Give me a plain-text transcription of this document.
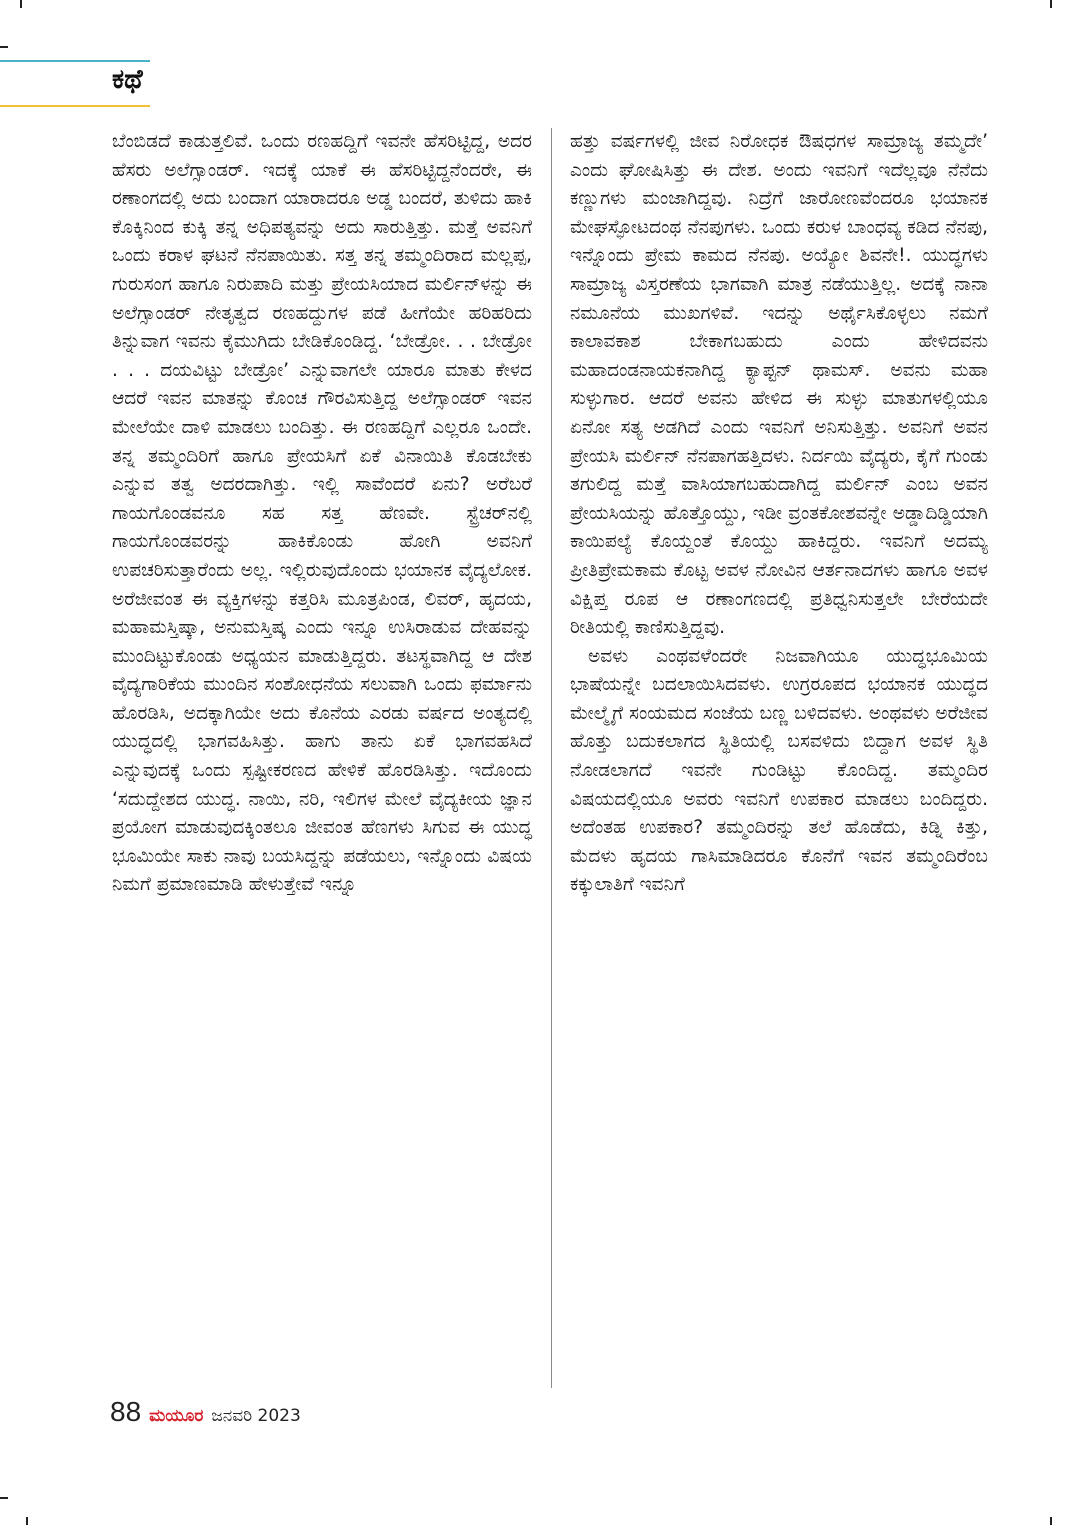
ಕಥೆ

ಬೆಂಬಿಡದೆ ಕಾಡುತ್ತಲಿವೆ. ಒಂದು ರಣಹದ್ದಿಗೆ ಇವನೇ ಹೆಸರಿಟ್ಟಿದ್ದ, ಅದರ ಹೆಸರು ಅಲೆಗ್ಸಾಂಡರ್. ಇದಕ್ಕೆ ಯಾಕೆ ಈ ಹೆಸರಿಟ್ಟಿದ್ದನೆಂದರೇ, ಈ ರಣಾಂಗದಲ್ಲಿ ಅದು ಬಂದಾಗ ಯಾರಾದರೂ ಅಡ್ಡ ಬಂದರೆ, ತುಳಿದು ಹಾಕಿ ಕೊಕ್ಕಿನಿಂದ ಕುಕ್ಕಿ ತನ್ನ ಅಧಿಪತ್ಯವನ್ನು ಅದು ಸಾರುತ್ತಿತ್ತು. ಮತ್ತೆ ಅವನಿಗೆ ಒಂದು ಕರಾಳ ಘಟನೆ ನೆನಪಾಯಿತು. ಸತ್ತ ತನ್ನ ತಮ್ಮಂದಿರಾದ ಮಲ್ಲಪ್ಪ, ಗುರುಸಂಗ ಹಾಗೂ ನಿರುಪಾದಿ ಮತ್ತು ಪ್ರೇಯಸಿಯಾದ ಮರ್ಲಿನ್‌ಳನ್ನು ಈ ಅಲೆಗ್ಸಾಂಡರ್ ನೇತೃತ್ವದ ರಣಹದ್ದುಗಳ ಪಡೆ ಹೀಗೆಯೇ ಹರಿಹರಿದು ತಿನ್ನುವಾಗ ಇವನು ಕೈಮುಗಿದು ಬೇಡಿಕೊಂಡಿದ್ದ. ‘ಬೇಡ್ರೋ. . . ಬೇಡ್ರೋ . . . ದಯವಿಟ್ಟು ಬೇಡ್ರೋ’ ಎನ್ನುವಾಗಲೇ ಯಾರೂ ಮಾತು ಕೇಳದ ಆದರೆ ಇವನ ಮಾತನ್ನು ಕೊಂಚ ಗೌರವಿಸುತ್ತಿದ್ದ ಅಲೆಗ್ಸಾಂಡರ್ ಇವನ ಮೇಲೆಯೇ ದಾಳಿ ಮಾಡಲು ಬಂದಿತ್ತು. ಈ ರಣಹದ್ದಿಗೆ ಎಲ್ಲರೂ ಒಂದೇ. ತನ್ನ ತಮ್ಮಂದಿರಿಗೆ ಹಾಗೂ ಪ್ರೇಯಸಿಗೆ ಏಕೆ ವಿನಾಯಿತಿ ಕೊಡಬೇಕು ಎನ್ನುವ ತತ್ವ ಅದರದಾಗಿತ್ತು. ಇಲ್ಲಿ ಸಾವೆಂದರೆ ಏನು? ಅರೆಬರೆ ಗಾಯಗೊಂಡವನೂ ಸಹ ಸತ್ತ ಹೆಣವೇ. ಸ್ಟ್ರೆಚರ್‌ನಲ್ಲಿ ಗಾಯಗೊಂಡವರನ್ನು ಹಾಕಿಕೊಂಡು ಹೋಗಿ ಅವನಿಗೆ ಉಪಚರಿಸುತ್ತಾರೆಂದು ಅಲ್ಲ. ಇಲ್ಲಿರುವುದೊಂದು ಭಯಾನಕ ವೈದ್ಯಲೋಕ. ಅರೆಜೀವಂತ ಈ ವ್ಯಕ್ತಿಗಳನ್ನು ಕತ್ತರಿಸಿ ಮೂತ್ರಪಿಂಡ, ಲಿವರ್, ಹೃದಯ, ಮಹಾಮಸ್ತಿಷ್ಕಾ, ಅನುಮಸ್ತಿಷ್ಕ ಎಂದು ಇನ್ನೂ ಉಸಿರಾಡುವ ದೇಹವನ್ನು ಮುಂದಿಟ್ಟುಕೊಂಡು ಅಧ್ಯಯನ ಮಾಡುತ್ತಿದ್ದರು. ತಟಸ್ಥವಾಗಿದ್ದ ಆ ದೇಶ ವೈದ್ಯಗಾರಿಕೆಯ ಮುಂದಿನ ಸಂಶೋಧನೆಯ ಸಲುವಾಗಿ ಒಂದು ಫರ್ಮಾನು ಹೊರಡಿಸಿ, ಅದಕ್ಕಾಗಿಯೇ ಅದು ಕೊನೆಯ ಎರಡು ವರ್ಷದ ಅಂತ್ಯದಲ್ಲಿ ಯುದ್ಧದಲ್ಲಿ ಭಾಗವಹಿಸಿತ್ತು. ಹಾಗು ತಾನು ಏಕೆ ಭಾಗವಹಸಿದೆ ಎನ್ನುವುದಕ್ಕೆ ಒಂದು ಸ್ಪಷ್ಟೀಕರಣದ ಹೇಳಿಕೆ ಹೊರಡಿಸಿತ್ತು. ಇದೊಂದು ‘ಸದುದ್ದೇಶದ ಯುದ್ಧ. ನಾಯಿ, ನರಿ, ಇಲಿಗಳ ಮೇಲೆ ವೈದ್ಯಕೀಯ ಜ್ಞಾನ ಪ್ರಯೋಗ ಮಾಡುವುದಕ್ಕಿಂತಲೂ ಜೀವಂತ ಹೆಣಗಳು ಸಿಗುವ ಈ ಯುದ್ಧ ಭೂಮಿಯೇ ಸಾಕು ನಾವು ಬಯಸಿದ್ದನ್ನು ಪಡೆಯಲು, ಇನ್ನೊಂದು ವಿಷಯ ನಿಮಗೆ ಪ್ರಮಾಣಮಾಡಿ ಹೇಳುತ್ತೇವೆ ಇನ್ನೂ

ಹತ್ತು ವರ್ಷಗಳಲ್ಲಿ ಜೀವ ನಿರೋಧಕ ಔಷಧಗಳ ಸಾಮ್ರಾಜ್ಯ ತಮ್ಮದೇ’ ಎಂದು ಘೋಷಿಸಿತ್ತು ಈ ದೇಶ. ಅಂದು ಇವನಿಗೆ ಇದೆಲ್ಲವೂ ನೆನೆದು ಕಣ್ಣುಗಳು ಮಂಜಾಗಿದ್ದವು. ನಿದ್ರೆಗೆ ಜಾರೋಣವೆಂದರೂ ಭಯಾನಕ ಮೇಘಸ್ಫೋಟದಂಥ ನೆನಪುಗಳು. ಒಂದು ಕರುಳ ಬಾಂಧವ್ಯ ಕಡಿದ ನೆನಪು, ಇನ್ನೊಂದು ಪ್ರೇಮ ಕಾಮದ ನೆನಪು. ಅಯ್ಯೋ ಶಿವನೇ!. ಯುದ್ಧಗಳು ಸಾಮ್ರಾಜ್ಯ ವಿಸ್ತರಣೆಯ ಭಾಗವಾಗಿ ಮಾತ್ರ ನಡೆಯುತ್ತಿಲ್ಲ. ಅದಕ್ಕೆ ನಾನಾ ನಮೂನೆಯ ಮುಖಗಳಿವೆ. ಇದನ್ನು ಅರ್ಥೈಸಿಕೊಳ್ಳಲು ನಮಗೆ ಕಾಲಾವಕಾಶ ಬೇಕಾಗಬಹುದು ಎಂದು ಹೇಳಿದವನು ಮಹಾದಂಡನಾಯಕನಾಗಿದ್ದ ಕ್ಯಾಪ್ಟನ್ ಥಾಮಸ್. ಅವನು ಮಹಾ ಸುಳ್ಳುಗಾರ. ಆದರೆ ಅವನು ಹೇಳಿದ ಈ ಸುಳ್ಳು ಮಾತುಗಳಲ್ಲಿಯೂ ಏನೋ ಸತ್ಯ ಅಡಗಿದೆ ಎಂದು ಇವನಿಗೆ ಅನಿಸುತ್ತಿತ್ತು. ಅವನಿಗೆ ಅವನ ಪ್ರೇಯಸಿ ಮರ್ಲಿನ್ ನೆನಪಾಗಹತ್ತಿದಳು. ನಿರ್ದಯಿ ವೈದ್ಯರು, ಕೈಗೆ ಗುಂಡು ತಗುಲಿದ್ದ ಮತ್ತೆ ವಾಸಿಯಾಗಬಹುದಾಗಿದ್ದ ಮರ್ಲಿನ್ ಎಂಬ ಅವನ ಪ್ರೇಯಸಿಯನ್ನು ಹೊತ್ತೊಯ್ದು, ಇಡೀ ವ್ರಂತಕೋಶವನ್ನೇ ಅಡ್ಡಾದಿಡ್ಡಿಯಾಗಿ ಕಾಯಿಪಲ್ಯೆ ಕೊಯ್ದಂತೆ ಕೊಯ್ದು ಹಾಕಿದ್ದರು. ಇವನಿಗೆ ಅದಮ್ಯ ಪ್ರೀತಿಪ್ರೇಮಕಾಮ ಕೊಟ್ಟ ಅವಳ ನೋವಿನ ಆರ್ತನಾದಗಳು ಹಾಗೂ ಅವಳ ವಿಕ್ಷಿಪ್ತ ರೂಪ ಆ ರಣಾಂಗಣದಲ್ಲಿ ಪ್ರತಿಧ್ವನಿಸುತ್ತಲೇ ಬೇರೆಯದೇ ರೀತಿಯಲ್ಲಿ ಕಾಣಿಸುತ್ತಿದ್ದವು.

ಅವಳು ಎಂಥವಳೆಂದರೇ ನಿಜವಾಗಿಯೂ ಯುದ್ಧಭೂಮಿಯ ಭಾಷೆಯನ್ನೇ ಬದಲಾಯಿಸಿದವಳು. ಉಗ್ರರೂಪದ ಭಯಾನಕ ಯುದ್ಧದ ಮೇಲ್ಮೈಗೆ ಸಂಯಮದ ಸಂಜೆಯ ಬಣ್ಣ ಬಳಿದವಳು. ಅಂಥವಳು ಅರೆಜೀವ ಹೊತ್ತು ಬದುಕಲಾಗದ ಸ್ಥಿತಿಯಲ್ಲಿ ಬಸವಳಿದು ಬಿದ್ದಾಗ ಅವಳ ಸ್ಥಿತಿ ನೋಡಲಾಗದೆ ಇವನೇ ಗುಂಡಿಟ್ಟು ಕೊಂದಿದ್ದ. ತಮ್ಮಂದಿರ ವಿಷಯದಲ್ಲಿಯೂ ಅವರು ಇವನಿಗೆ ಉಪಕಾರ ಮಾಡಲು ಬಂದಿದ್ದರು. ಅದೆಂತಹ ಉಪಕಾರ? ತಮ್ಮಂದಿರನ್ನು ತಲೆ ಹೊಡೆದು, ಕಿಡ್ನಿ ಕಿತ್ತು, ಮೆದಳು ಹೃದಯ ಗಾಸಿಮಾಡಿದರೂ ಕೊನೆಗೆ ಇವನ ತಮ್ಮಂದಿರೆಂಬ ಕಕ್ಕುಲಾತಿಗೆ ಇವನಿಗೆ

88 ಮಯೂರ ಜನವರಿ 2023
